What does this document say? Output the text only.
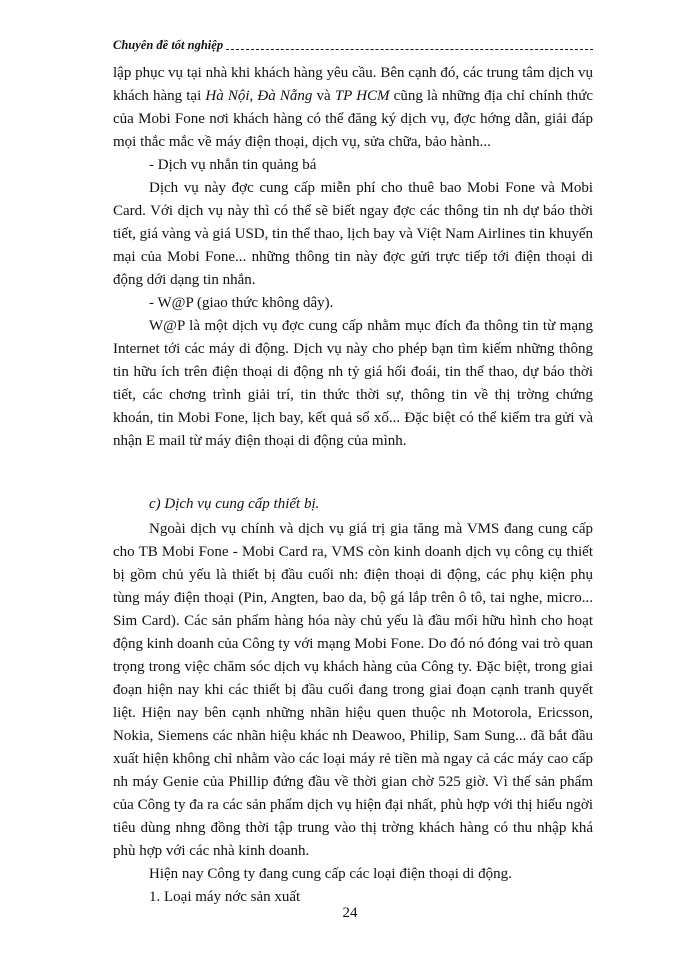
Chuyên đề tốt nghiệp

lập phục vụ tại nhà khi khách hàng yêu cầu. Bên cạnh đó, các trung tâm dịch vụ khách hàng tại Hà Nội, Đà Nẵng và TP HCM cũng là những địa chỉ chính thức của Mobi Fone nơi khách hàng có thể đăng ký dịch vụ, đợc hớng dẫn, giải đáp mọi thắc mắc về máy điện thoại, dịch vụ, sửa chữa, bảo hành...

- Dịch vụ nhắn tin quảng bá

Dịch vụ này đợc cung cấp miễn phí cho thuê bao Mobi Fone và Mobi Card. Với dịch vụ này thì có thể sẽ biết ngay đợc các thông tin nh dự báo thời tiết, giá vàng và giá USD, tin thể thao, lịch bay và Việt Nam Airlines tin khuyến mại của Mobi Fone... những thông tin này đợc gửi trực tiếp tới điện thoại di động dới dạng tin nhắn.

- W@P (giao thức không dây).

W@P là một dịch vụ đợc cung cấp nhằm mục đích đa thông tin từ mạng Internet tới các máy di động. Dịch vụ này cho phép bạn tìm kiếm những thông tin hữu ích trên điện thoại di động nh tỷ giá hối đoái, tin thể thao, dự báo thời tiết, các chơng trình giải trí, tin thức thời sự, thông tin về thị trờng chứng khoán, tin Mobi Fone, lịch bay, kết quả sổ xố... Đặc biệt có thể kiểm tra gửi và nhận E mail từ máy điện thoại di động của mình.

c) Dịch vụ cung cấp thiết bị.

Ngoài dịch vụ chính và dịch vụ giá trị gia tăng mà VMS đang cung cấp cho TB Mobi Fone - Mobi Card ra, VMS còn kinh doanh dịch vụ công cụ thiết bị gồm chủ yếu là thiết bị đầu cuối nh: điện thoại di động, các phụ kiện phụ tùng máy điện thoại (Pin, Angten, bao da, bộ gá lắp trên ô tô, tai nghe, micro... Sim Card). Các sản phẩm hàng hóa này chủ yếu là đầu mối hữu hình cho hoạt động kinh doanh của Công ty với mạng Mobi Fone. Do đó nó đóng vai trò quan trọng trong việc chăm sóc dịch vụ khách hàng của Công ty. Đặc biệt, trong giai đoạn hiện nay khi các thiết bị đầu cuối đang trong giai đoạn cạnh tranh quyết liệt. Hiện nay bên cạnh những nhãn hiệu quen thuộc nh Motorola, Ericsson, Nokia, Siemens các nhãn hiệu khác nh Deawoo, Philip, Sam Sung... đã bắt đầu xuất hiện không chỉ nhằm vào các loại máy rẻ tiền mà ngay cả các máy cao cấp nh máy Genie của Phillip đứng đầu về thời gian chờ 525 giờ. Vì thế sản phẩm của Công ty đa ra các sản phẩm dịch vụ hiện đại nhất, phù hợp với thị hiếu ngời tiêu dùng nhng đồng thời tập trung vào thị trờng khách hàng có thu nhập khá phù hợp với các nhà kinh doanh.

Hiện nay Công ty đang cung cấp các loại điện thoại di động.

1. Loại máy nớc sản xuất

24
